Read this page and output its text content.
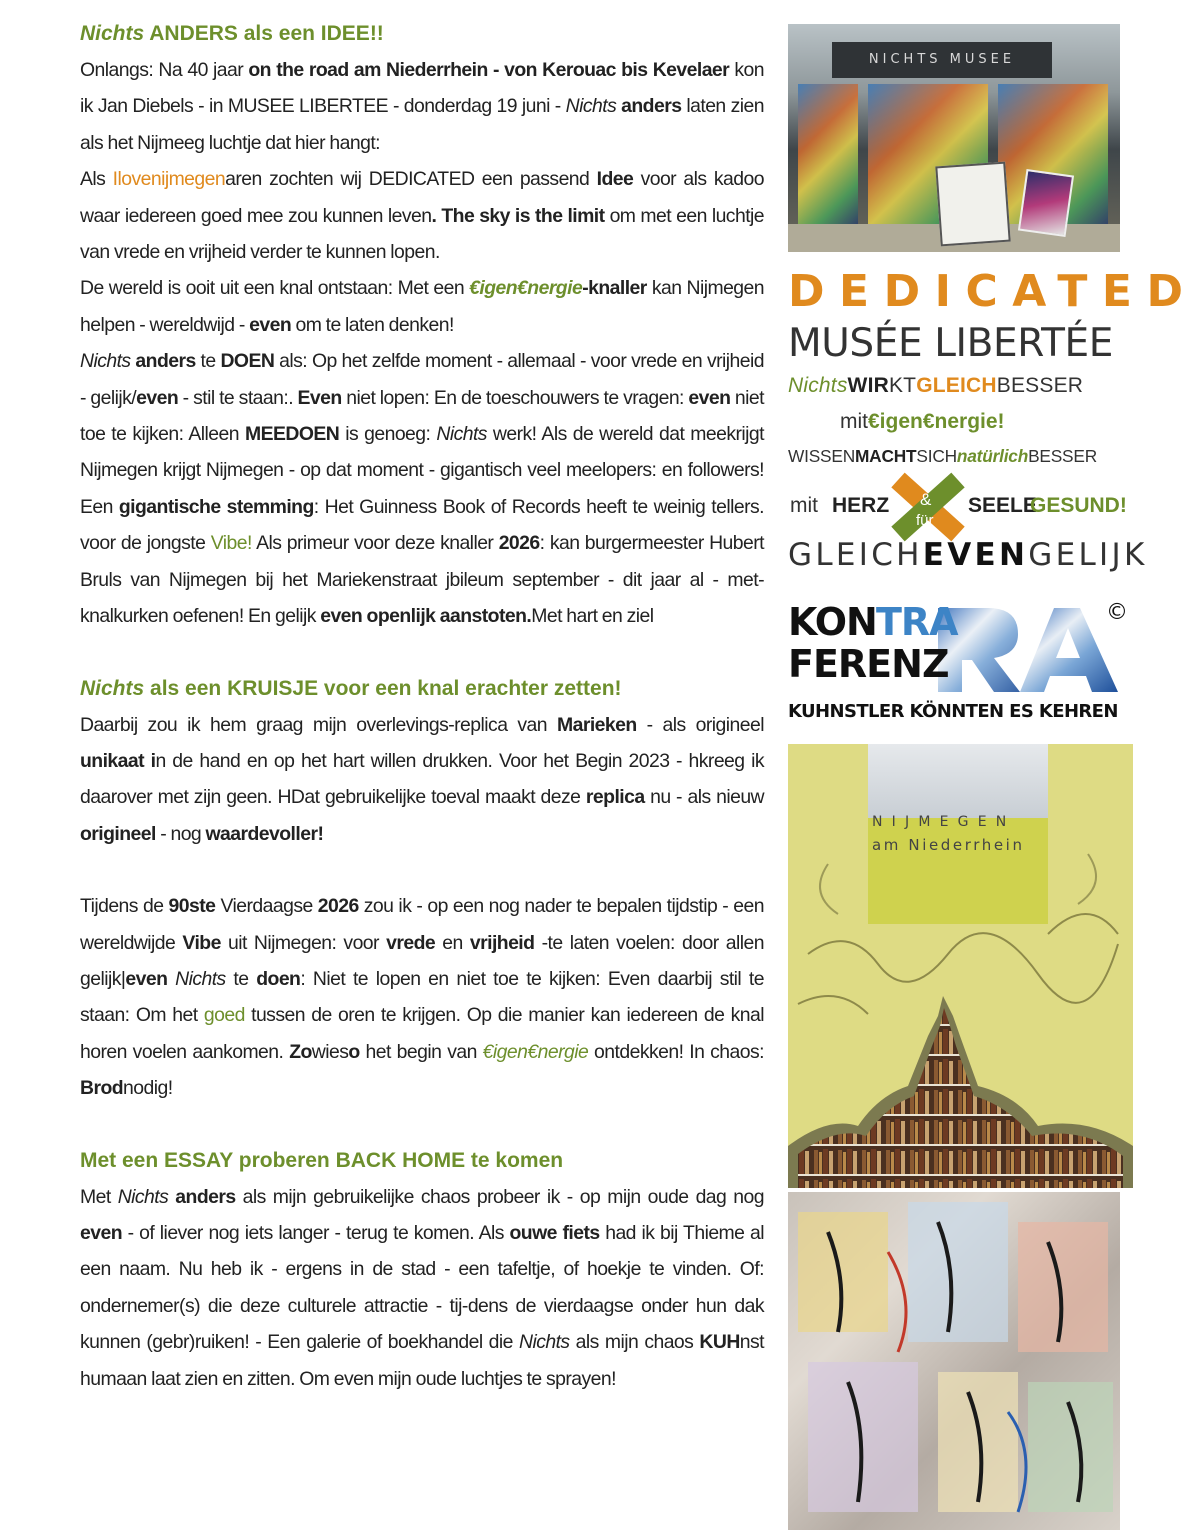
Nichts ANDERS als een IDEE!!
Onlangs: Na 40 jaar on the road am Niederrhein - von Kerouac bis Kevelaer kon ik Jan Diebels - in MUSEE LIBERTEE - donderdag 19 juni - Nichts anders laten zien als het Nijmeeg luchtje dat hier hangt:
Als Ilovenijmegenaren zochten wij DEDICATED een passend Idee voor als kadoo waar iedereen goed mee zou kunnen leven. The sky is the limit om met een luchtje van vrede en vrijheid verder te kunnen lopen.
De wereld is ooit uit een knal ontstaan: Met een €igen€nergie-knaller kan Nijmegen helpen - wereldwijd - even om te laten denken!
Nichts anders te DOEN als: Op het zelfde moment - allemaal - voor vrede en vrijheid - gelijk/even - stil te staan:. Even niet lopen: En de toeschouwers te vragen: even niet toe te kijken: Alleen MEEDOEN is genoeg: Nichts werk! Als de wereld dat meekrijgt Nijmegen krijgt Nijmegen - op dat moment - gigantisch veel meelopers: en followers! Een gigantische stemming: Het Guinness Book of Records heeft te weinig tellers. voor de jongste Vibe! Als primeur voor deze knaller 2026: kan burgermeester Hubert Bruls van Nijmegen bij het Mariekenstraat jbileum september - dit jaar al - met-knalkurken oefenen! En gelijk even openlijk aanstoten.Met hart en ziel
Nichts als een KRUISJE voor een knal erachter zetten!
Daarbij zou ik hem graag mijn overlevings-replica van Marieken - als origineel unikaat in de hand en op het hart willen drukken. Voor het Begin 2023 - hkreeg ik daarover met zijn geen. HDat gebruikelijke toeval maakt deze replica nu - als nieuw origineel - nog waardevoller!
Tijdens de 90ste Vierdaagse 2026 zou ik - op een nog nader te bepalen tijdstip - een wereldwijde Vibe uit Nijmegen: voor vrede en vrijheid -te laten voelen: door allen gelijk|even Nichts te doen: Niet te lopen en niet toe te kijken: Even daarbij stil te staan: Om het goed tussen de oren te krijgen. Op die manier kan iedereen de knal horen voelen aankomen. Zowieso het begin van €igen€nergie ontdekken! In chaos: Brodnodig!
Met een ESSAY proberen BACK HOME te komen
Met Nichts anders als mijn gebruikelijke chaos probeer ik - op mijn oude dag nog even - of liever nog iets langer - terug te komen. Als ouwe fiets had ik bij Thieme al een naam. Nu heb ik - ergens in de stad - een tafeltje, of hoekje te vinden. Of: ondernemer(s) die deze culturele attractie - tij-dens de vierdaagse onder hun dak kunnen (gebr)ruiken! - Een galerie of boekhandel die Nichts als mijn chaos KUHnst humaan laat zien en zitten. Om even mijn oude luchtjes te sprayen!
NICHTS MUSEE
DEDICATED
MUSÉE LIBERTÉE
NichtsWIRKTGLEICHBESSER
mit€igen€nergie!
WISSENMACHTSICHnatürlichBESSER
mit HERZ &
für
SEELE
GESUND!
GLEICHEVENGELIJK
KON TRA
FERENZ
©
KUHNSTLER KÖNNTEN ES KEHREN
NIJMEGEN
am Niederrhein
